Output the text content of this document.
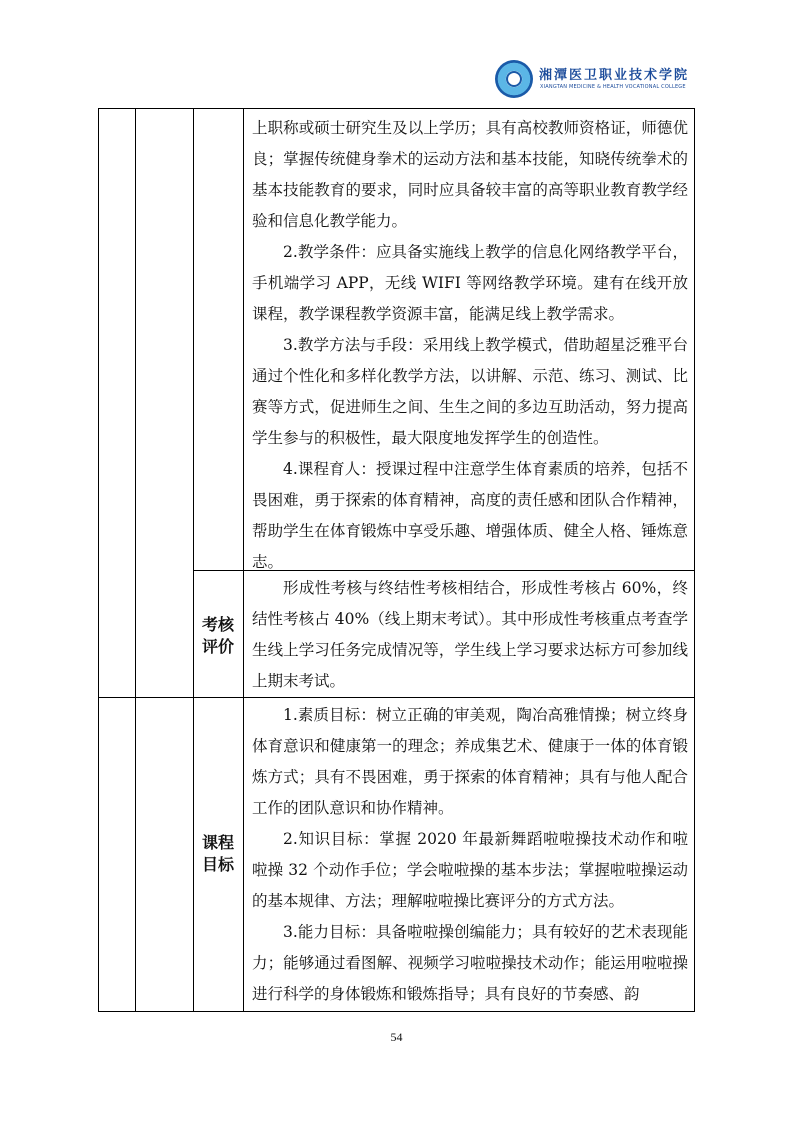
湘潭医卫职业技术学院
XIANGTAN MEDICINE & HEALTH VOCATIONAL COLLEGE

上职称或硕士研究生及以上学历；具有高校教师资格证，师德优良；掌握传统健身拳术的运动方法和基本技能，知晓传统拳术的基本技能教育的要求，同时应具备较丰富的高等职业教育教学经验和信息化教学能力。

2.教学条件：应具备实施线上教学的信息化网络教学平台，手机端学习 APP，无线 WIFI 等网络教学环境。建有在线开放课程，教学课程教学资源丰富，能满足线上教学需求。

3.教学方法与手段：采用线上教学模式，借助超星泛雅平台通过个性化和多样化教学方法，以讲解、示范、练习、测试、比赛等方式，促进师生之间、生生之间的多边互助活动，努力提高学生参与的积极性，最大限度地发挥学生的创造性。

4.课程育人：授课过程中注意学生体育素质的培养，包括不畏困难，勇于探索的体育精神，高度的责任感和团队合作精神，帮助学生在体育锻炼中享受乐趣、增强体质、健全人格、锤炼意志。

考核
评价

形成性考核与终结性考核相结合，形成性考核占 60%，终结性考核占 40%（线上期末考试）。其中形成性考核重点考查学生线上学习任务完成情况等，学生线上学习要求达标方可参加线上期末考试。

课程
目标

1.素质目标：树立正确的审美观，陶冶高雅情操；树立终身体育意识和健康第一的理念；养成集艺术、健康于一体的体育锻炼方式；具有不畏困难，勇于探索的体育精神；具有与他人配合工作的团队意识和协作精神。

2.知识目标：掌握 2020 年最新舞蹈啦啦操技术动作和啦啦操 32 个动作手位；学会啦啦操的基本步法；掌握啦啦操运动的基本规律、方法；理解啦啦操比赛评分的方式方法。

3.能力目标：具备啦啦操创编能力；具有较好的艺术表现能力；能够通过看图解、视频学习啦啦操技术动作；能运用啦啦操进行科学的身体锻炼和锻炼指导；具有良好的节奏感、韵

54
